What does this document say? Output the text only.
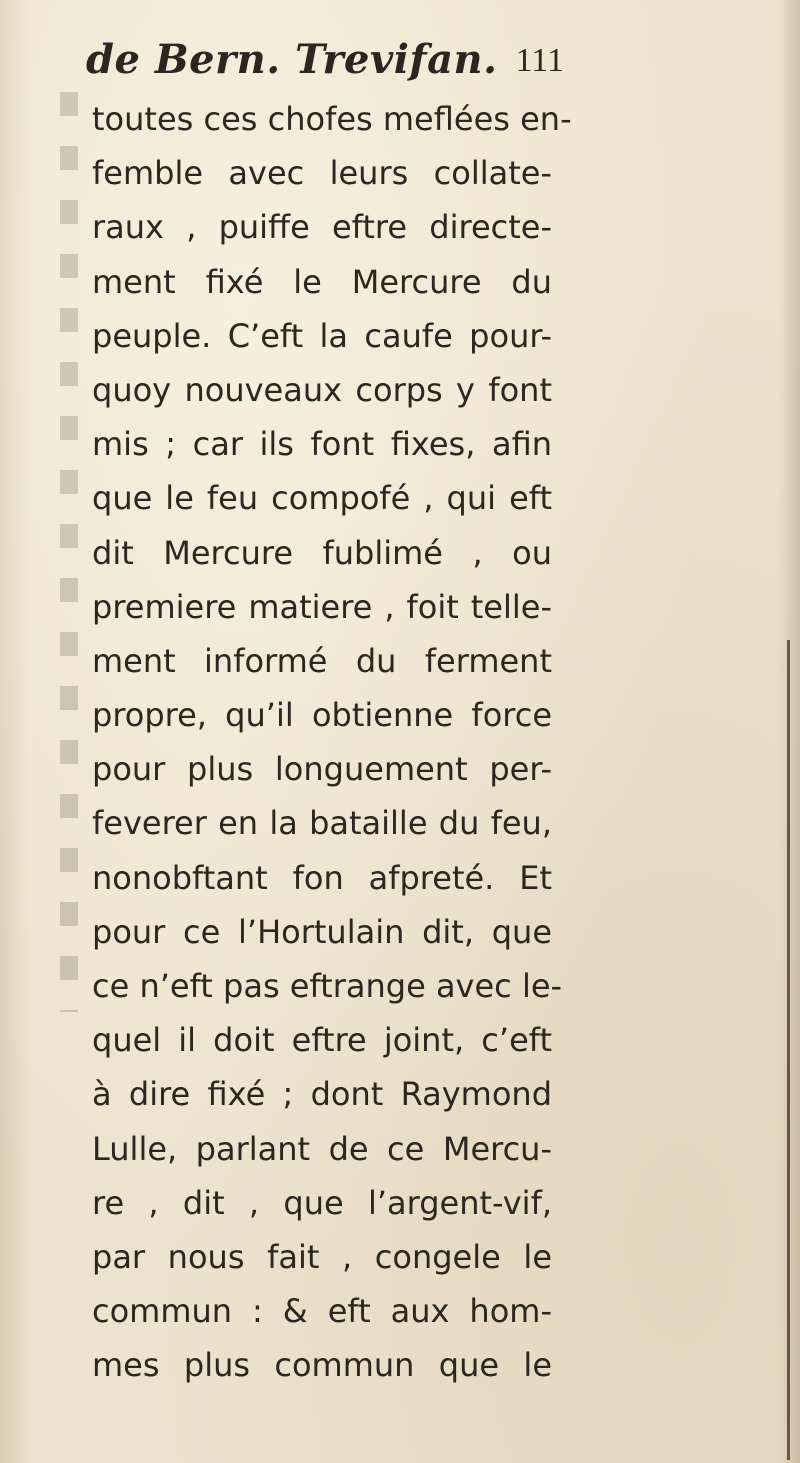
de Bern. Trevifan. 111
toutes ces chofes meflées en-
femble avec leurs collate-
raux , puiffe eftre directe-
ment fixé le Mercure du
peuple. C’eft la caufe pour-
quoy nouveaux corps y font
mis ; car ils font fixes, afin
que le feu compofé , qui eft
dit Mercure fublimé , ou
premiere matiere , foit telle-
ment informé du ferment
propre, qu’il obtienne force
pour plus longuement per-
feverer en la bataille du feu,
nonobftant fon afpreté. Et
pour ce l’Hortulain dit, que
ce n’eft pas eftrange avec le-
quel il doit eftre joint, c’eft
à dire fixé ; dont Raymond
Lulle, parlant de ce Mercu-
re , dit , que l’argent-vif,
par nous fait , congele le
commun : & eft aux hom-
mes plus commun que le
